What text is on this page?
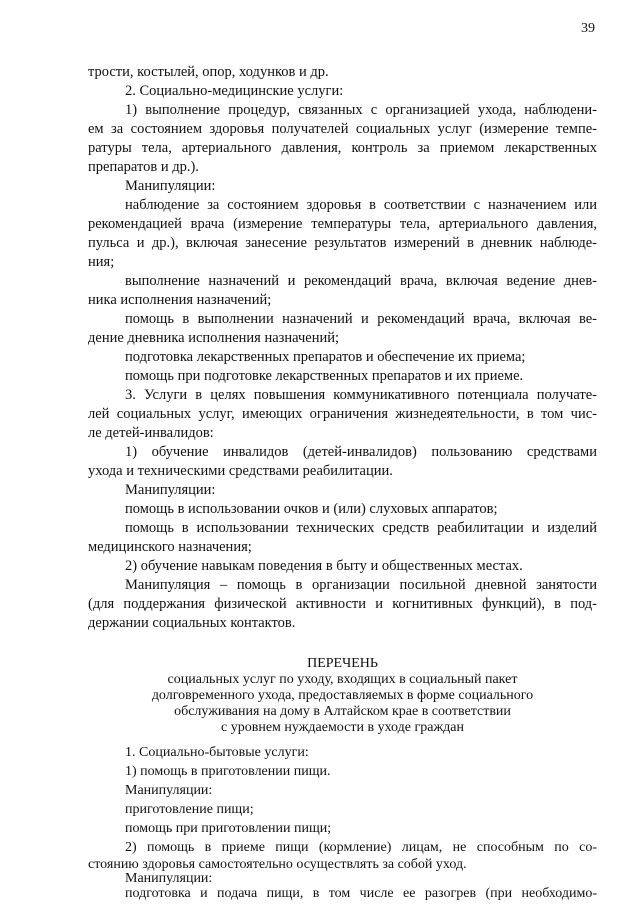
39
трости, костылей, опор, ходунков и др.
2. Социально-медицинские услуги:
1) выполнение процедур, связанных с организацией ухода, наблюдени-
ем за состоянием здоровья получателей социальных услуг (измерение темпе-
ратуры тела, артериального давления, контроль за приемом лекарственных
препаратов и др.).
Манипуляции:
наблюдение за состоянием здоровья в соответствии с назначением или
рекомендацией врача (измерение температуры тела, артериального давления,
пульса и др.), включая занесение результатов измерений в дневник наблюде-
ния;
выполнение назначений и рекомендаций врача, включая ведение днев-
ника исполнения назначений;
помощь в выполнении назначений и рекомендаций врача, включая ве-
дение дневника исполнения назначений;
подготовка лекарственных препаратов и обеспечение их приема;
помощь при подготовке лекарственных препаратов и их приеме.
3. Услуги в целях повышения коммуникативного потенциала получате-
лей социальных услуг, имеющих ограничения жизнедеятельности, в том чис-
ле детей-инвалидов:
1) обучение инвалидов (детей-инвалидов) пользованию средствами
ухода и техническими средствами реабилитации.
Манипуляции:
помощь в использовании очков и (или) слуховых аппаратов;
помощь в использовании технических средств реабилитации и изделий
медицинского назначения;
2) обучение навыкам поведения в быту и общественных местах.
Манипуляция – помощь в организации посильной дневной занятости
(для поддержания физической активности и когнитивных функций), в под-
держании социальных контактов.
ПЕРЕЧЕНЬ
социальных услуг по уходу, входящих в социальный пакет
долговременного ухода, предоставляемых в форме социального
обслуживания на дому в Алтайском крае в соответствии
с уровнем нуждаемости в уходе граждан
1. Социально-бытовые услуги:
1) помощь в приготовлении пищи.
Манипуляции:
приготовление пищи;
помощь при приготовлении пищи;
2) помощь в приеме пищи (кормление) лицам, не способным по со-
стоянию здоровья самостоятельно осуществлять за собой уход.
Манипуляции:
подготовка и подача пищи, в том числе ее разогрев (при необходимо-
